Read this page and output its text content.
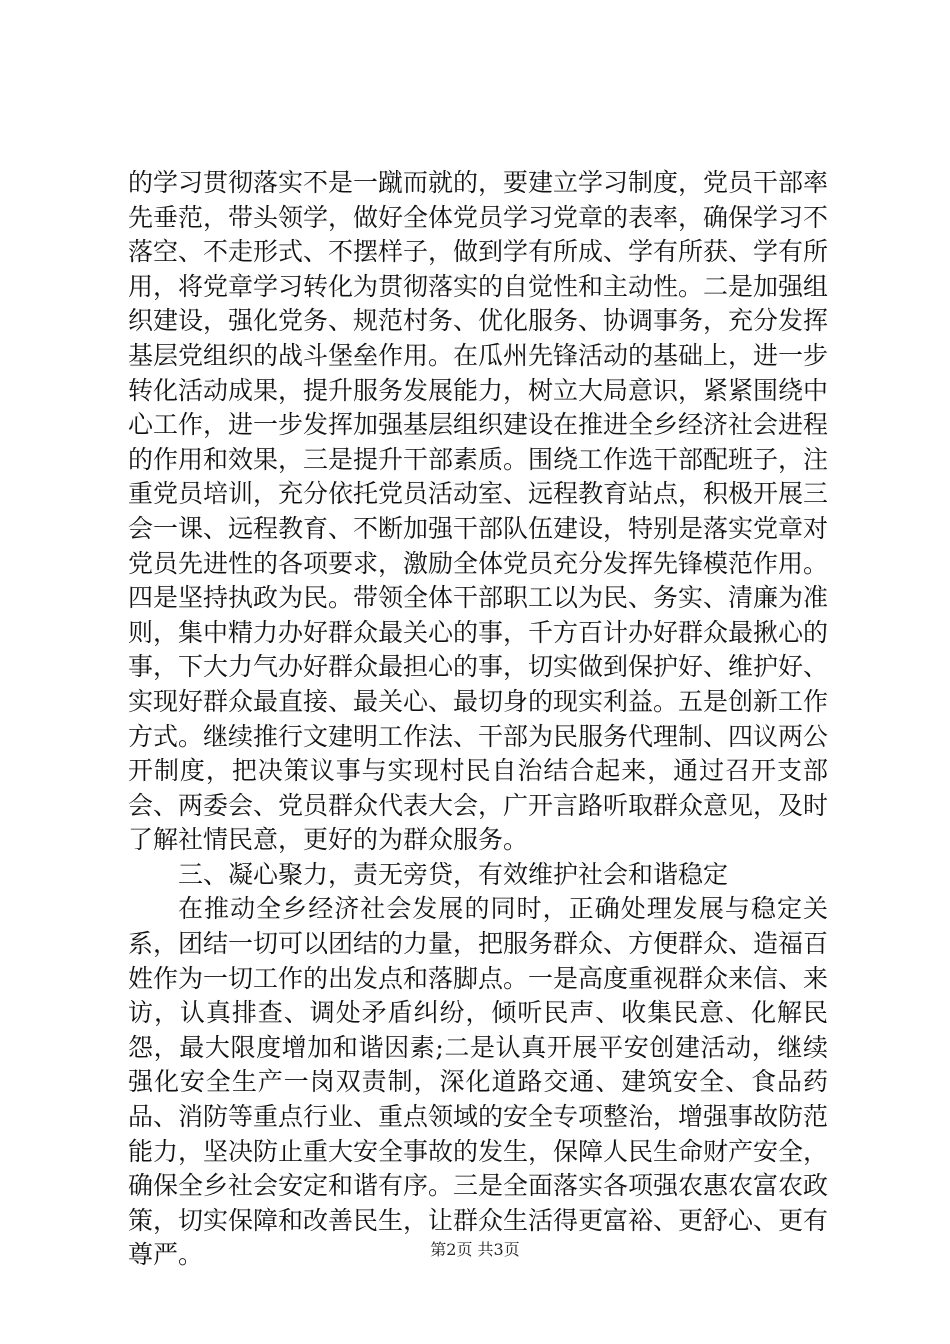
的学习贯彻落实不是一蹴而就的，要建立学习制度，党员干部率先垂范，带头领学，做好全体党员学习党章的表率，确保学习不落空、不走形式、不摆样子，做到学有所成、学有所获、学有所用，将党章学习转化为贯彻落实的自觉性和主动性。二是加强组织建设，强化党务、规范村务、优化服务、协调事务，充分发挥基层党组织的战斗堡垒作用。在瓜州先锋活动的基础上，进一步转化活动成果，提升服务发展能力，树立大局意识，紧紧围绕中心工作，进一步发挥加强基层组织建设在推进全乡经济社会进程的作用和效果，三是提升干部素质。围绕工作选干部配班子，注重党员培训，充分依托党员活动室、远程教育站点，积极开展三会一课、远程教育、不断加强干部队伍建设，特别是落实党章对党员先进性的各项要求，激励全体党员充分发挥先锋模范作用。四是坚持执政为民。带领全体干部职工以为民、务实、清廉为准则，集中精力办好群众最关心的事，千方百计办好群众最揪心的事，下大力气办好群众最担心的事，切实做到保护好、维护好、实现好群众最直接、最关心、最切身的现实利益。五是创新工作方式。继续推行文建明工作法、干部为民服务代理制、四议两公开制度，把决策议事与实现村民自治结合起来，通过召开支部会、两委会、党员群众代表大会，广开言路听取群众意见，及时了解社情民意，更好的为群众服务。

三、凝心聚力，责无旁贷，有效维护社会和谐稳定

在推动全乡经济社会发展的同时，正确处理发展与稳定关系，团结一切可以团结的力量，把服务群众、方便群众、造福百姓作为一切工作的出发点和落脚点。一是高度重视群众来信、来访，认真排查、调处矛盾纠纷，倾听民声、收集民意、化解民怨，最大限度增加和谐因素;二是认真开展平安创建活动，继续强化安全生产一岗双责制，深化道路交通、建筑安全、食品药品、消防等重点行业、重点领域的安全专项整治，增强事故防范能力，坚决防止重大安全事故的发生，保障人民生命财产安全，确保全乡社会安定和谐有序。三是全面落实各项强农惠农富农政策，切实保障和改善民生，让群众生活得更富裕、更舒心、更有尊严。	第2页 共3页
